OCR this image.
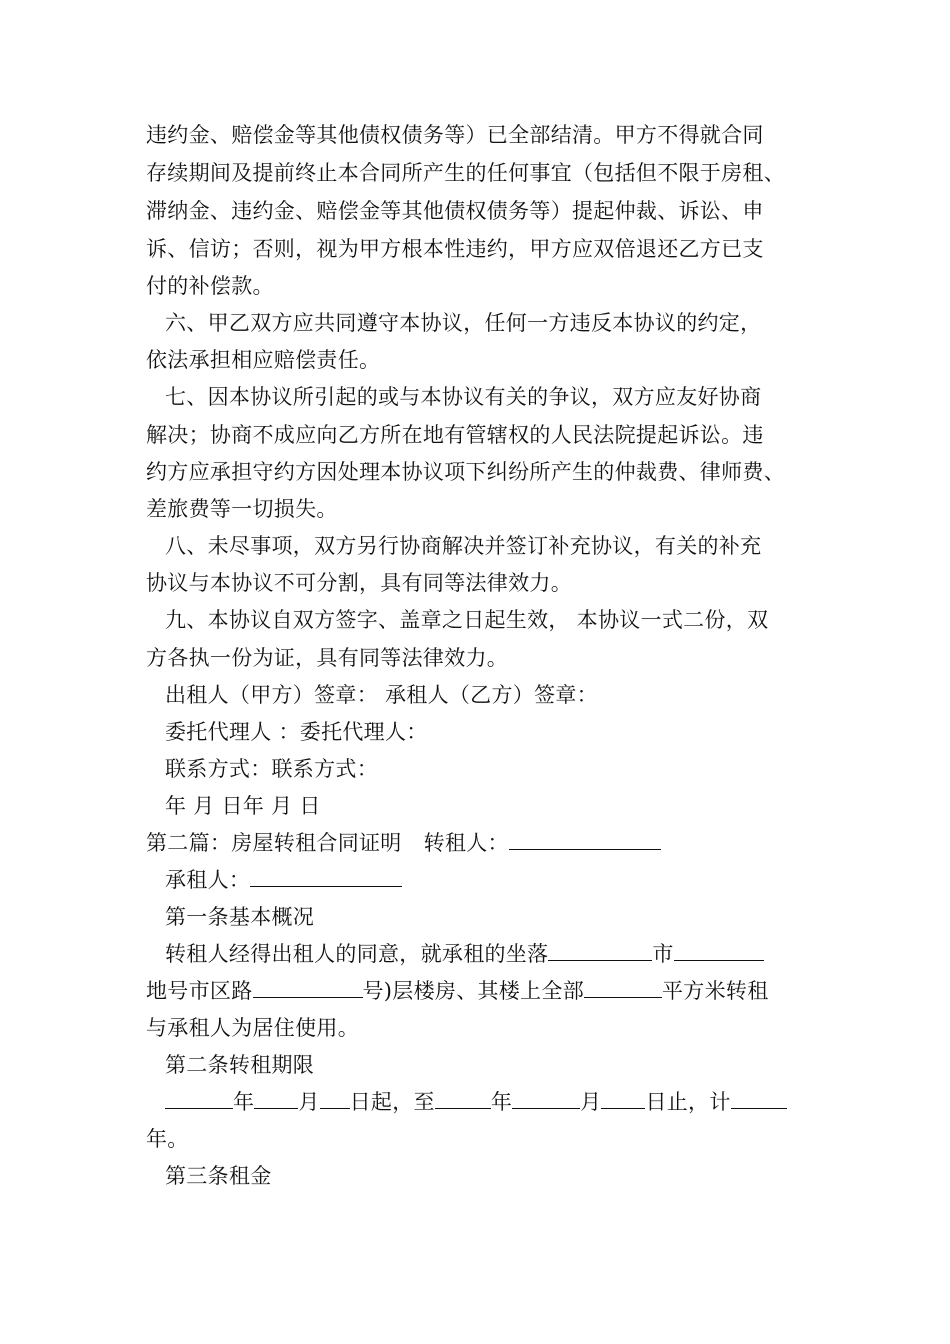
违约金、赔偿金等其他债权债务等）已全部结清。甲方不得就合同
存续期间及提前终止本合同所产生的任何事宜（包括但不限于房租、
滞纳金、违约金、赔偿金等其他债权债务等）提起仲裁、诉讼、申
诉、信访；否则，视为甲方根本性违约，甲方应双倍退还乙方已支
付的补偿款。
六、甲乙双方应共同遵守本协议，任何一方违反本协议的约定，
依法承担相应赔偿责任。
七、因本协议所引起的或与本协议有关的争议，双方应友好协商
解决；协商不成应向乙方所在地有管辖权的人民法院提起诉讼。违
约方应承担守约方因处理本协议项下纠纷所产生的仲裁费、律师费、
差旅费等一切损失。
八、未尽事项，双方另行协商解决并签订补充协议，有关的补充
协议与本协议不可分割，具有同等法律效力。
九、本协议自双方签字、盖章之日起生效， 本协议一式二份，双
方各执一份为证，具有同等法律效力。
出租人（甲方）签章： 承租人（乙方）签章：
委托代理人 ：委托代理人：
联系方式：联系方式：
年 月 日年 月 日
第二篇：房屋转租合同证明 转租人：
承租人：
第一条基本概况
转租人经得出租人的同意，就承租的坐落	市
地号市区路	号)层楼房、其楼上全部	平方米转租
与承租人为居住使用。
第二条转租期限
年 月 日起，至	年	月 日止，计
年。
第三条租金
